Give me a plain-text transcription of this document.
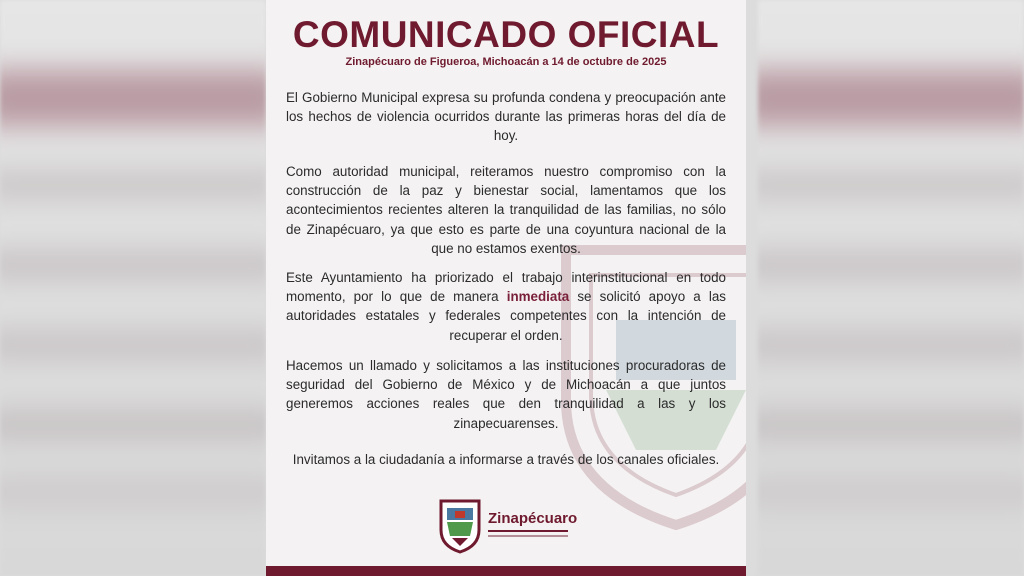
COMUNICADO OFICIAL
Zinapécuaro de Figueroa, Michoacán a 14 de octubre de 2025

El Gobierno Municipal expresa su profunda condena y preocupación ante los hechos de violencia ocurridos durante las primeras horas del día de hoy.

Como autoridad municipal, reiteramos nuestro compromiso con la construcción de la paz y bienestar social, lamentamos que los acontecimientos recientes alteren la tranquilidad de las familias, no sólo de Zinapécuaro, ya que esto es parte de una coyuntura nacional de la que no estamos exentos.

Este Ayuntamiento ha priorizado el trabajo interinstitucional en todo momento, por lo que de manera inmediata se solicitó apoyo a las autoridades estatales y federales competentes con la intención de recuperar el orden.

Hacemos un llamado y solicitamos a las instituciones procuradoras de seguridad del Gobierno de México y de Michoacán a que juntos generemos acciones reales que den tranquilidad a las y los zinapecuarenses.

Invitamos a la ciudadanía a informarse a través de los canales oficiales.

Zinapécuaro
